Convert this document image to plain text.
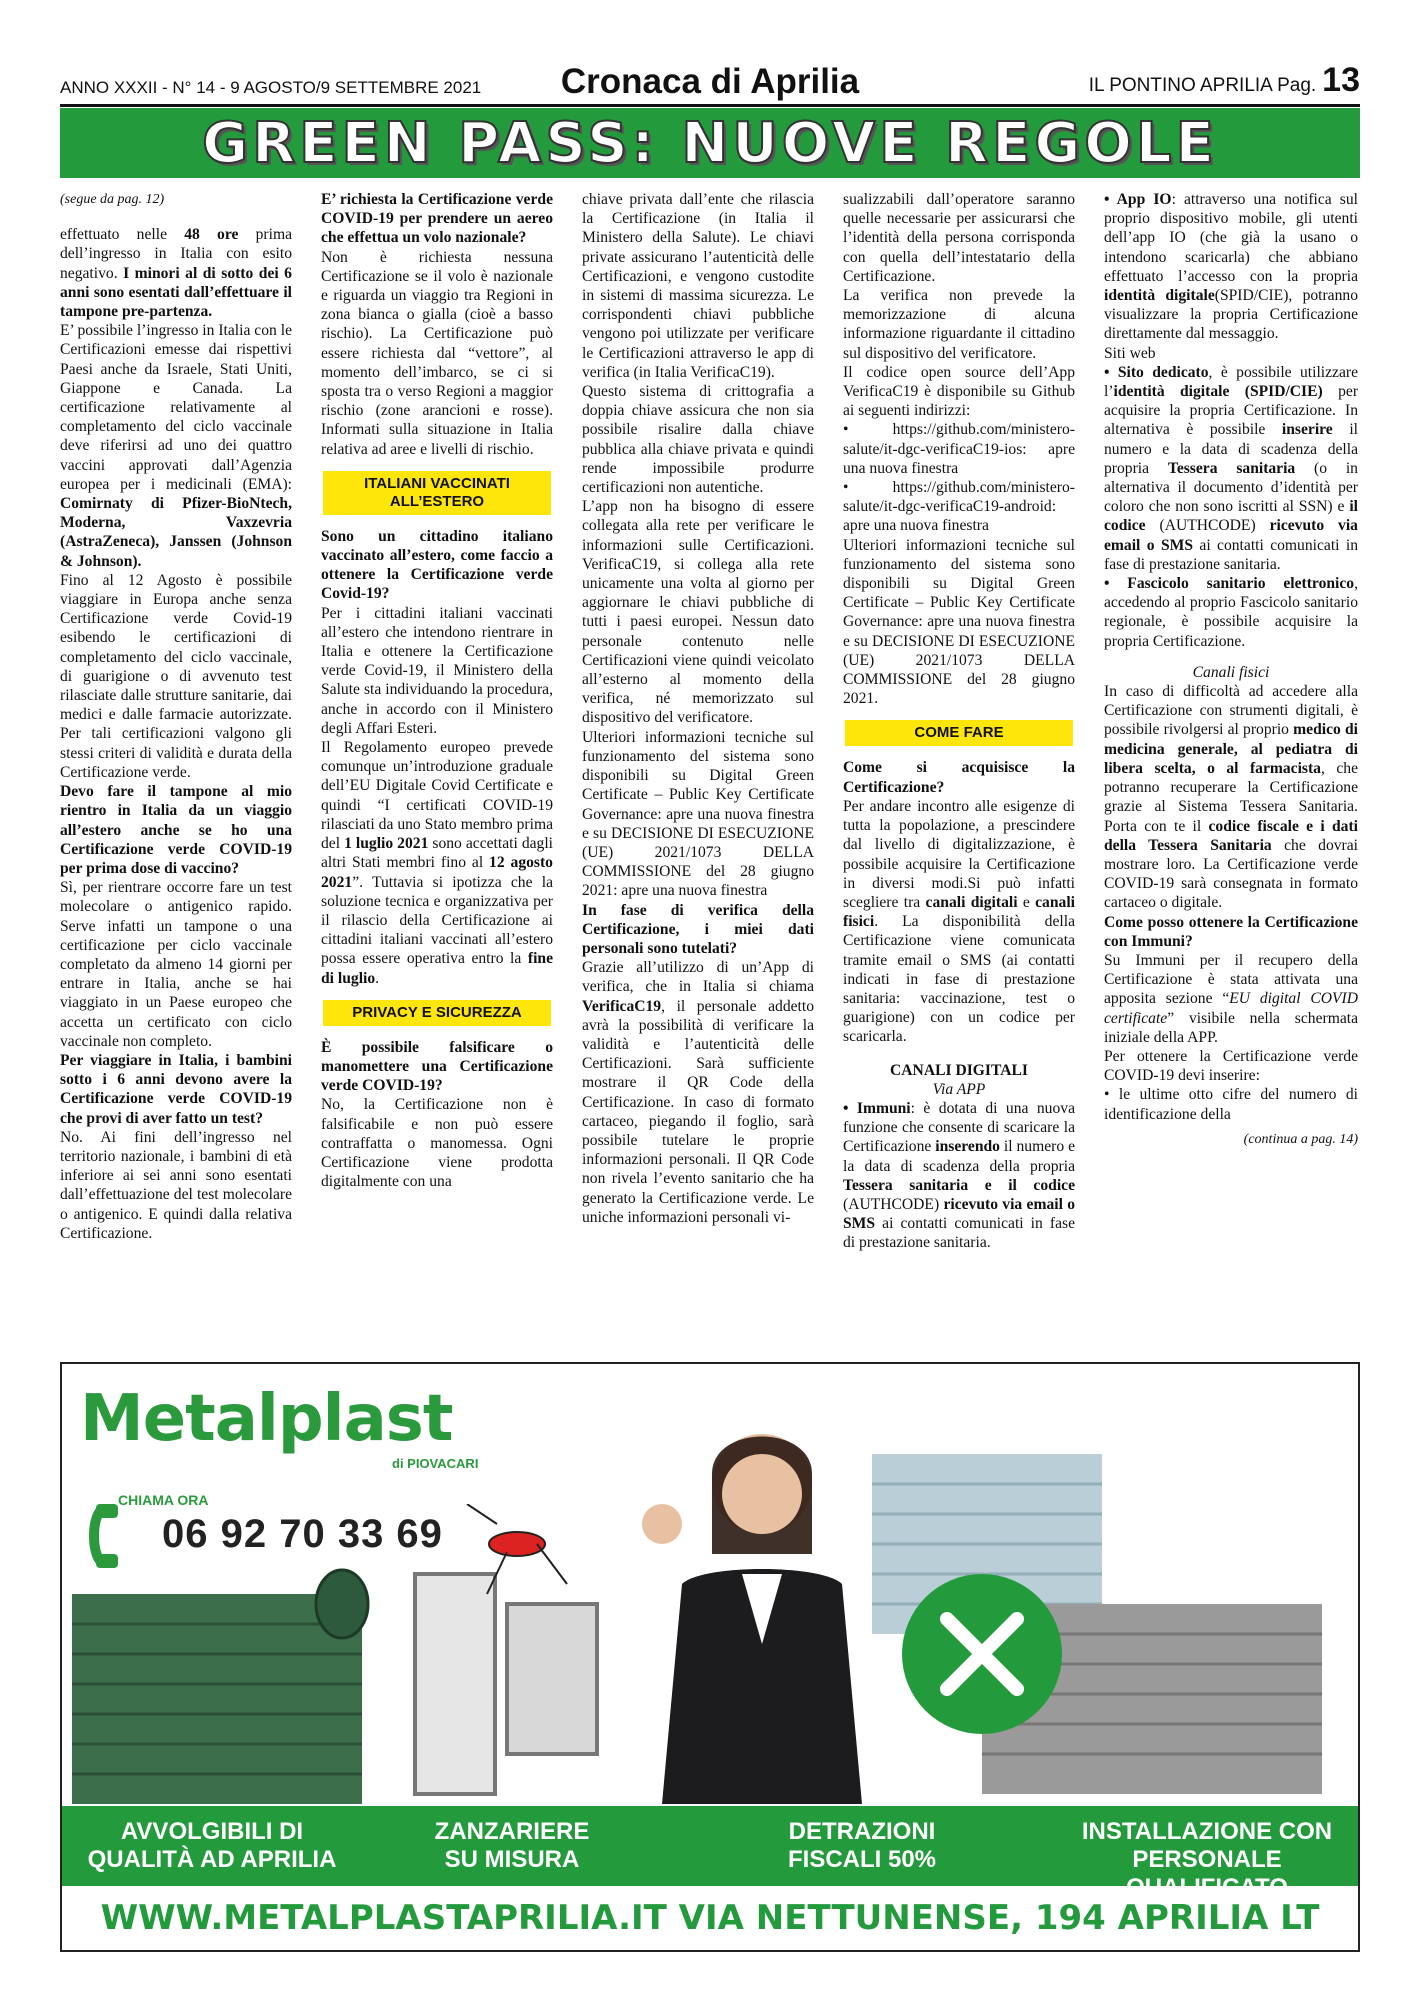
ANNO XXXII - N° 14 - 9 AGOSTO/9 SETTEMBRE 2021	Cronaca di Aprilia	IL PONTINO APRILIA Pag. 13
GREEN PASS: NUOVE REGOLE

(segue da pag. 12)

effettuato nelle 48 ore prima dell’ingresso in Italia con esito negativo. I minori al di sotto dei 6 anni sono esentati dall’effettuare il tampone pre-partenza.

E’ possibile l’ingresso in Italia con le Certificazioni emesse dai rispettivi Paesi anche da Israele, Stati Uniti, Giappone e Canada. La certificazione relativamente al completamento del ciclo vaccinale deve riferirsi ad uno dei quattro vaccini approvati dall’Agenzia europea per i medicinali (EMA): Comirnaty di Pfizer-BioNtech, Moderna, Vaxzevria (AstraZeneca), Janssen (Johnson & Johnson).

Fino al 12 Agosto è possibile viaggiare in Europa anche senza Certificazione verde Covid-19 esibendo le certificazioni di completamento del ciclo vaccinale, di guarigione o di avvenuto test rilasciate dalle strutture sanitarie, dai medici e dalle farmacie autorizzate. Per tali certificazioni valgono gli stessi criteri di validità e durata della Certificazione verde.

Devo fare il tampone al mio rientro in Italia da un viaggio all’estero anche se ho una Certificazione verde COVID-19 per prima dose di vaccino?

Sì, per rientrare occorre fare un test molecolare o antigenico rapido. Serve infatti un tampone o una certificazione per ciclo vaccinale completato da almeno 14 giorni per entrare in Italia, anche se hai viaggiato in un Paese europeo che accetta un certificato con ciclo vaccinale non completo.

Per viaggiare in Italia, i bambini sotto i 6 anni devono avere la Certificazione verde COVID-19 che provi di aver fatto un test?

No. Ai fini dell’ingresso nel territorio nazionale, i bambini di età inferiore ai sei anni sono esentati dall’effettuazione del test molecolare o antigenico. E quindi dalla relativa Certificazione.

E’ richiesta la Certificazione verde COVID-19 per prendere un aereo che effettua un volo nazionale?

Non è richiesta nessuna Certificazione se il volo è nazionale e riguarda un viaggio tra Regioni in zona bianca o gialla (cioè a basso rischio). La Certificazione può essere richiesta dal “vettore”, al momento dell’imbarco, se ci si sposta tra o verso Regioni a maggior rischio (zone arancioni e rosse). Informati sulla situazione in Italia relativa ad aree e livelli di rischio.

ITALIANI VACCINATI ALL’ESTERO

Sono un cittadino italiano vaccinato all’estero, come faccio a ottenere la Certificazione verde Covid-19?

Per i cittadini italiani vaccinati all’estero che intendono rientrare in Italia e ottenere la Certificazione verde Covid-19, il Ministero della Salute sta individuando la procedura, anche in accordo con il Ministero degli Affari Esteri.

Il Regolamento europeo prevede comunque un’introduzione graduale dell’EU Digitale Covid Certificate e quindi “I certificati COVID-19 rilasciati da uno Stato membro prima del 1 luglio 2021 sono accettati dagli altri Stati membri fino al 12 agosto 2021”. Tuttavia si ipotizza che la soluzione tecnica e organizzativa per il rilascio della Certificazione ai cittadini italiani vaccinati all’estero possa essere operativa entro la fine di luglio.

PRIVACY E SICUREZZA

È possibile falsificare o manomettere una Certificazione verde COVID-19?

No, la Certificazione non è falsificabile e non può essere contraffatta o manomessa. Ogni Certificazione viene prodotta digitalmente con una

chiave privata dall’ente che rilascia la Certificazione (in Italia il Ministero della Salute). Le chiavi private assicurano l’autenticità delle Certificazioni, e vengono custodite in sistemi di massima sicurezza. Le corrispondenti chiavi pubbliche vengono poi utilizzate per verificare le Certificazioni attraverso le app di verifica (in Italia VerificaC19).

Questo sistema di crittografia a doppia chiave assicura che non sia possibile risalire dalla chiave pubblica alla chiave privata e quindi rende impossibile produrre certificazioni non autentiche.

L’app non ha bisogno di essere collegata alla rete per verificare le informazioni sulle Certificazioni. VerificaC19, si collega alla rete unicamente una volta al giorno per aggiornare le chiavi pubbliche di tutti i paesi europei. Nessun dato personale contenuto nelle Certificazioni viene quindi veicolato all’esterno al momento della verifica, né memorizzato sul dispositivo del verificatore.

Ulteriori informazioni tecniche sul funzionamento del sistema sono disponibili su Digital Green Certificate – Public Key Certificate Governance: apre una nuova finestra e su DECISIONE DI ESECUZIONE (UE) 2021/1073 DELLA COMMISSIONE del 28 giugno 2021: apre una nuova finestra

In fase di verifica della Certificazione, i miei dati personali sono tutelati?

Grazie all’utilizzo di un’App di verifica, che in Italia si chiama VerificaC19, il personale addetto avrà la possibilità di verificare la validità e l’autenticità delle Certificazioni. Sarà sufficiente mostrare il QR Code della Certificazione. In caso di formato cartaceo, piegando il foglio, sarà possibile tutelare le proprie informazioni personali. Il QR Code non rivela l’evento sanitario che ha generato la Certificazione verde. Le uniche informazioni personali vi-

sualizzabili dall’operatore saranno quelle necessarie per assicurarsi che l’identità della persona corrisponda con quella dell’intestatario della Certificazione.

La verifica non prevede la memorizzazione di alcuna informazione riguardante il cittadino sul dispositivo del verificatore.

Il codice open source dell’App VerificaC19 è disponibile su Github ai seguenti indirizzi:

• https://github.com/ministero-salute/it-dgc-verificaC19-ios: apre una nuova finestra

• https://github.com/ministero-salute/it-dgc-verificaC19-android: apre una nuova finestra

Ulteriori informazioni tecniche sul funzionamento del sistema sono disponibili su Digital Green Certificate – Public Key Certificate Governance: apre una nuova finestra e su DECISIONE DI ESECUZIONE (UE) 2021/1073 DELLA COMMISSIONE del 28 giugno 2021.

COME FARE

Come si acquisisce la Certificazione?

Per andare incontro alle esigenze di tutta la popolazione, a prescindere dal livello di digitalizzazione, è possibile acquisire la Certificazione in diversi modi.Si può infatti scegliere tra canali digitali e canali fisici. La disponibilità della Certificazione viene comunicata tramite email o SMS (ai contatti indicati in fase di prestazione sanitaria: vaccinazione, test o guarigione) con un codice per scaricarla.

CANALI DIGITALI

Via APP

• Immuni: è dotata di una nuova funzione che consente di scaricare la Certificazione inserendo il numero e la data di scadenza della propria Tessera sanitaria e il codice (AUTHCODE) ricevuto via email o SMS ai contatti comunicati in fase di prestazione sanitaria.

• App IO: attraverso una notifica sul proprio dispositivo mobile, gli utenti dell’app IO (che già la usano o intendono scaricarla) che abbiano effettuato l’accesso con la propria identità digitale(SPID/CIE), potranno visualizzare la propria Certificazione direttamente dal messaggio.

Siti web

• Sito dedicato, è possibile utilizzare l’identità digitale (SPID/CIE) per acquisire la propria Certificazione. In alternativa è possibile inserire il numero e la data di scadenza della propria Tessera sanitaria (o in alternativa il documento d’identità per coloro che non sono iscritti al SSN) e il codice (AUTHCODE) ricevuto via email o SMS ai contatti comunicati in fase di prestazione sanitaria.

• Fascicolo sanitario elettronico, accedendo al proprio Fascicolo sanitario regionale, è possibile acquisire la propria Certificazione.

Canali fisici

In caso di difficoltà ad accedere alla Certificazione con strumenti digitali, è possibile rivolgersi al proprio medico di medicina generale, al pediatra di libera scelta, o al farmacista, che potranno recuperare la Certificazione grazie al Sistema Tessera Sanitaria. Porta con te il codice fiscale e i dati della Tessera Sanitaria che dovrai mostrare loro. La Certificazione verde COVID-19 sarà consegnata in formato cartaceo o digitale.

Come posso ottenere la Certificazione con Immuni?

Su Immuni per il recupero della Certificazione è stata attivata una apposita sezione “EU digital COVID certificate” visibile nella schermata iniziale della APP.

Per ottenere la Certificazione verde COVID-19 devi inserire:

• le ultime otto cifre del numero di identificazione della

(continua a pag. 14)

Metalplast
di PIOVACARI
CHIAMA ORA
06 92 70 33 69
AVVOLGIBILI DI
QUALITÀ AD APRILIA
ZANZARIERE
SU MISURA
DETRAZIONI
FISCALI 50%
INSTALLAZIONE CON
PERSONALE QUALIFICATO
WWW.METALPLASTAPRILIA.IT VIA NETTUNENSE, 194 APRILIA LT
